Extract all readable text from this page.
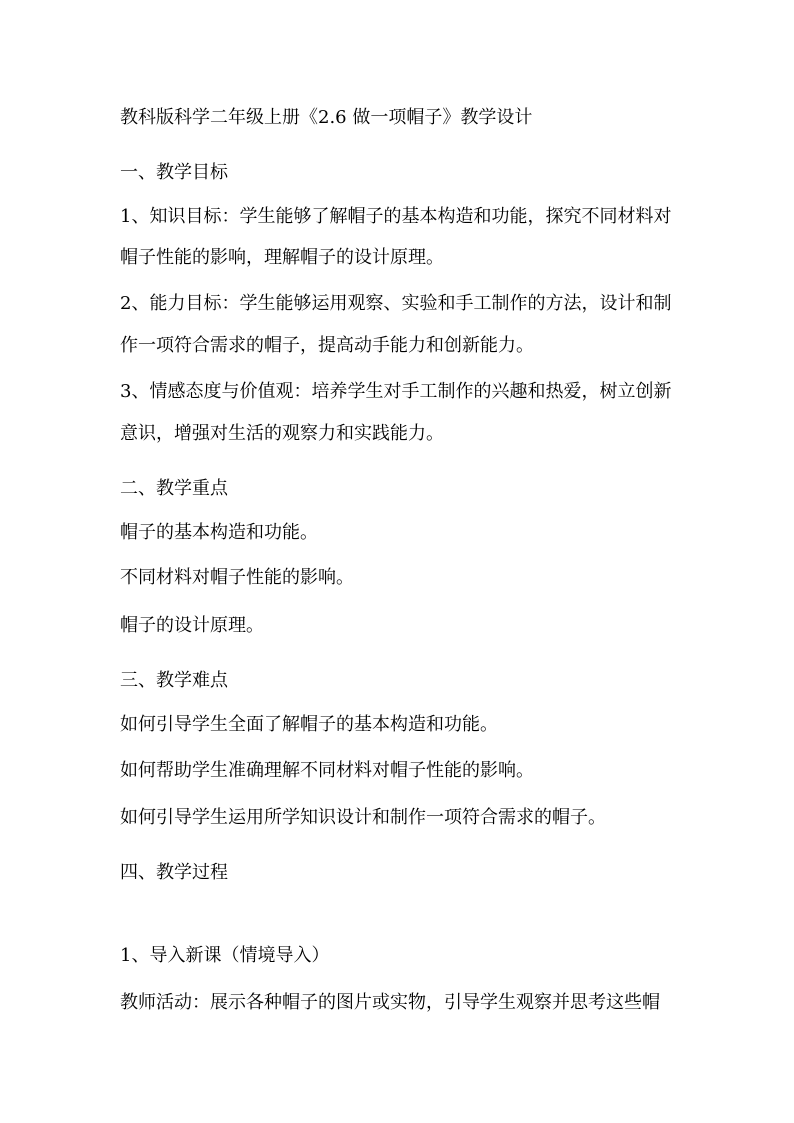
教科版科学二年级上册《2.6 做一项帽子》教学设计
一、教学目标
1、知识目标：学生能够了解帽子的基本构造和功能，探究不同材料对
帽子性能的影响，理解帽子的设计原理。
2、能力目标：学生能够运用观察、实验和手工制作的方法，设计和制
作一项符合需求的帽子，提高动手能力和创新能力。
3、情感态度与价值观：培养学生对手工制作的兴趣和热爱，树立创新
意识，增强对生活的观察力和实践能力。
二、教学重点
帽子的基本构造和功能。
不同材料对帽子性能的影响。
帽子的设计原理。
三、教学难点
如何引导学生全面了解帽子的基本构造和功能。
如何帮助学生准确理解不同材料对帽子性能的影响。
如何引导学生运用所学知识设计和制作一项符合需求的帽子。
四、教学过程
1、导入新课（情境导入）
教师活动：展示各种帽子的图片或实物，引导学生观察并思考这些帽
